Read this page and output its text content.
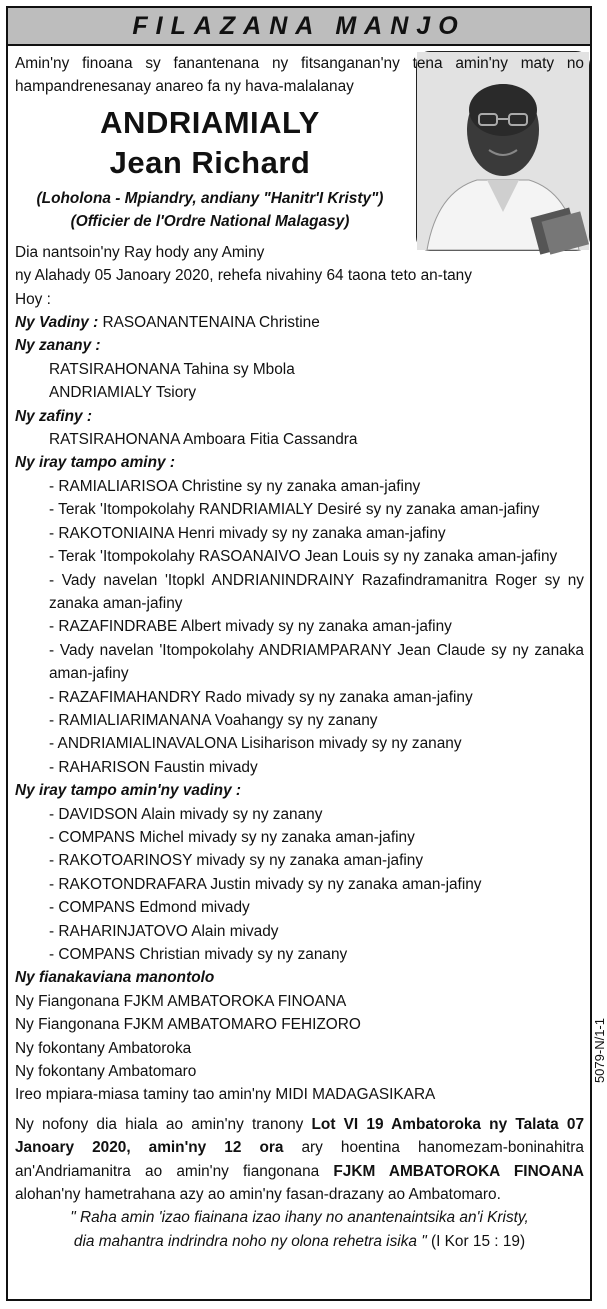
FILAZANA MANJO

Amin'ny finoana sy fanantenana ny fitsanganan'ny tena amin'ny maty no hampandrenesanay anareo fa ny hava-malalanay

ANDRIAMIALY
Jean Richard
(Loholona - Mpiandry, andiany "Hanitr'I Kristy")
(Officier de l'Ordre National Malagasy)

Dia nantsoin'ny Ray hody any Aminy

ny Alahady 05 Janoary 2020, rehefa nivahiny 64 taona teto an-tany

Hoy :

Ny Vadiny : RASOANANTENAINA Christine

Ny zanany :

RATSIRAHONANA Tahina sy Mbola

ANDRIAMIALY Tsiory

Ny zafiny :

RATSIRAHONANA Amboara Fitia Cassandra

Ny iray tampo aminy :

- RAMIALIARISOA Christine sy ny zanaka aman-jafiny

- Terak 'Itompokolahy RANDRIAMIALY Desiré sy ny zanaka aman-jafiny

- RAKOTONIAINA Henri mivady sy ny zanaka aman-jafiny

- Terak 'Itompokolahy RASOANAIVO Jean Louis sy ny zanaka aman-jafiny

- Vady navelan 'Itopkl ANDRIANINDRAINY Razafindramanitra Roger sy ny zanaka aman-jafiny

- RAZAFINDRABE Albert mivady sy ny zanaka aman-jafiny

- Vady navelan 'Itompokolahy ANDRIAMPARANY Jean Claude sy ny zanaka aman-jafiny

- RAZAFIMAHANDRY Rado mivady sy ny zanaka aman-jafiny

- RAMIALIARIMANANA Voahangy sy ny zanany

- ANDRIAMIALINAVALONA Lisiharison mivady sy ny zanany

- RAHARISON Faustin mivady

Ny iray tampo amin'ny vadiny :

- DAVIDSON Alain mivady sy ny zanany

- COMPANS Michel mivady sy ny zanaka aman-jafiny

- RAKOTOARINOSY mivady sy ny zanaka aman-jafiny

- RAKOTONDRAFARA Justin mivady sy ny zanaka aman-jafiny

- COMPANS Edmond mivady

- RAHARINJATOVO Alain mivady

- COMPANS Christian mivady sy ny zanany

Ny fianakaviana manontolo

Ny Fiangonana FJKM AMBATOROKA FINOANA

Ny Fiangonana FJKM AMBATOMARO FEHIZORO

Ny fokontany Ambatoroka

Ny fokontany Ambatomaro

Ireo mpiara-miasa taminy tao amin'ny MIDI MADAGASIKARA

Ny nofony dia hiala ao amin'ny tranony Lot VI 19 Ambatoroka ny Talata 07 Janoary 2020, amin'ny 12 ora ary hoentina hanomezam-boninahitra an'Andriamanitra ao amin'ny fiangonana FJKM AMBATOROKA FINOANA alohan'ny hametrahana azy ao amin'ny fasan-drazany ao Ambatomaro.

" Raha amin 'izao fiainana izao ihany no anantenaintsika an'i Kristy,
dia mahantra indrindra noho ny olona rehetra isika " (I Kor 15 : 19)

5079-N/1-1
